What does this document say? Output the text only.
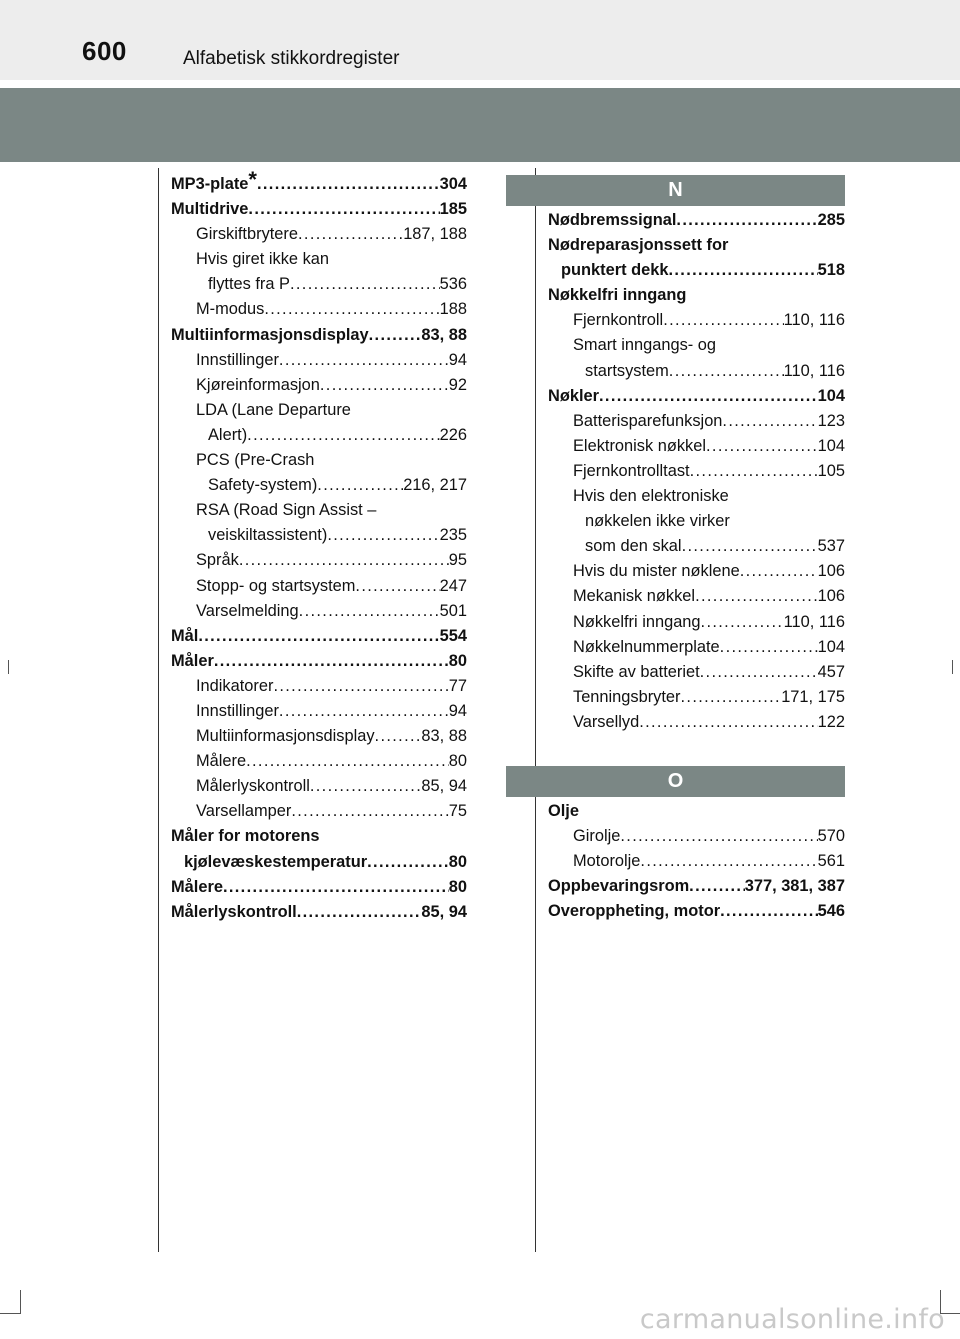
600	Alfabetisk stikkordregister
MP3-plate* . . .	304
Multidrive . . .	185
Girskiftbrytere . . .	187, 188
Hvis giret ikke kan
flyttes fra P . . .	536
M-modus . . .	188
Multiinformasjonsdisplay . . .	83, 88
Innstillinger . . .	94
Kjøreinformasjon . . .	92
LDA (Lane Departure
Alert) . . .	226
PCS (Pre-Crash
Safety-system) . . .	216, 217
RSA (Road Sign Assist –
veiskiltassistent) . . .	235
Språk . . .	95
Stopp- og startsystem . . .	247
Varselmelding . . .	501
Mål . . .	554
Måler . . .	80
Indikatorer . . .	77
Innstillinger . . .	94
Multiinformasjonsdisplay . . .	83, 88
Målere . . .	80
Målerlyskontroll . . .	85, 94
Varsellamper . . .	75
Måler for motorens
kjølevæskestemperatur . . .	80
Målere . . .	80
Målerlyskontroll . . .	85, 94
N
Nødbremssignal . . .	285
Nødreparasjonssett for
punktert dekk . . .	518
Nøkkelfri inngang
Fjernkontroll . . .	110, 116
Smart inngangs- og
startsystem . . .	110, 116
Nøkler . . .	104
Batterisparefunksjon . . .	123
Elektronisk nøkkel . . .	104
Fjernkontrolltast . . .	105
Hvis den elektroniske
nøkkelen ikke virker
som den skal . . .	537
Hvis du mister nøklene . . .	106
Mekanisk nøkkel . . .	106
Nøkkelfri inngang . . .	110, 116
Nøkkelnummerplate . . .	104
Skifte av batteriet . . .	457
Tenningsbryter . . .	171, 175
Varsellyd . . .	122
O
Olje
Girolje . . .	570
Motorolje . . .	561
Oppbevaringsrom . . .	377, 381, 387
Overoppheting, motor . . .	546
carmanualsonline.info
